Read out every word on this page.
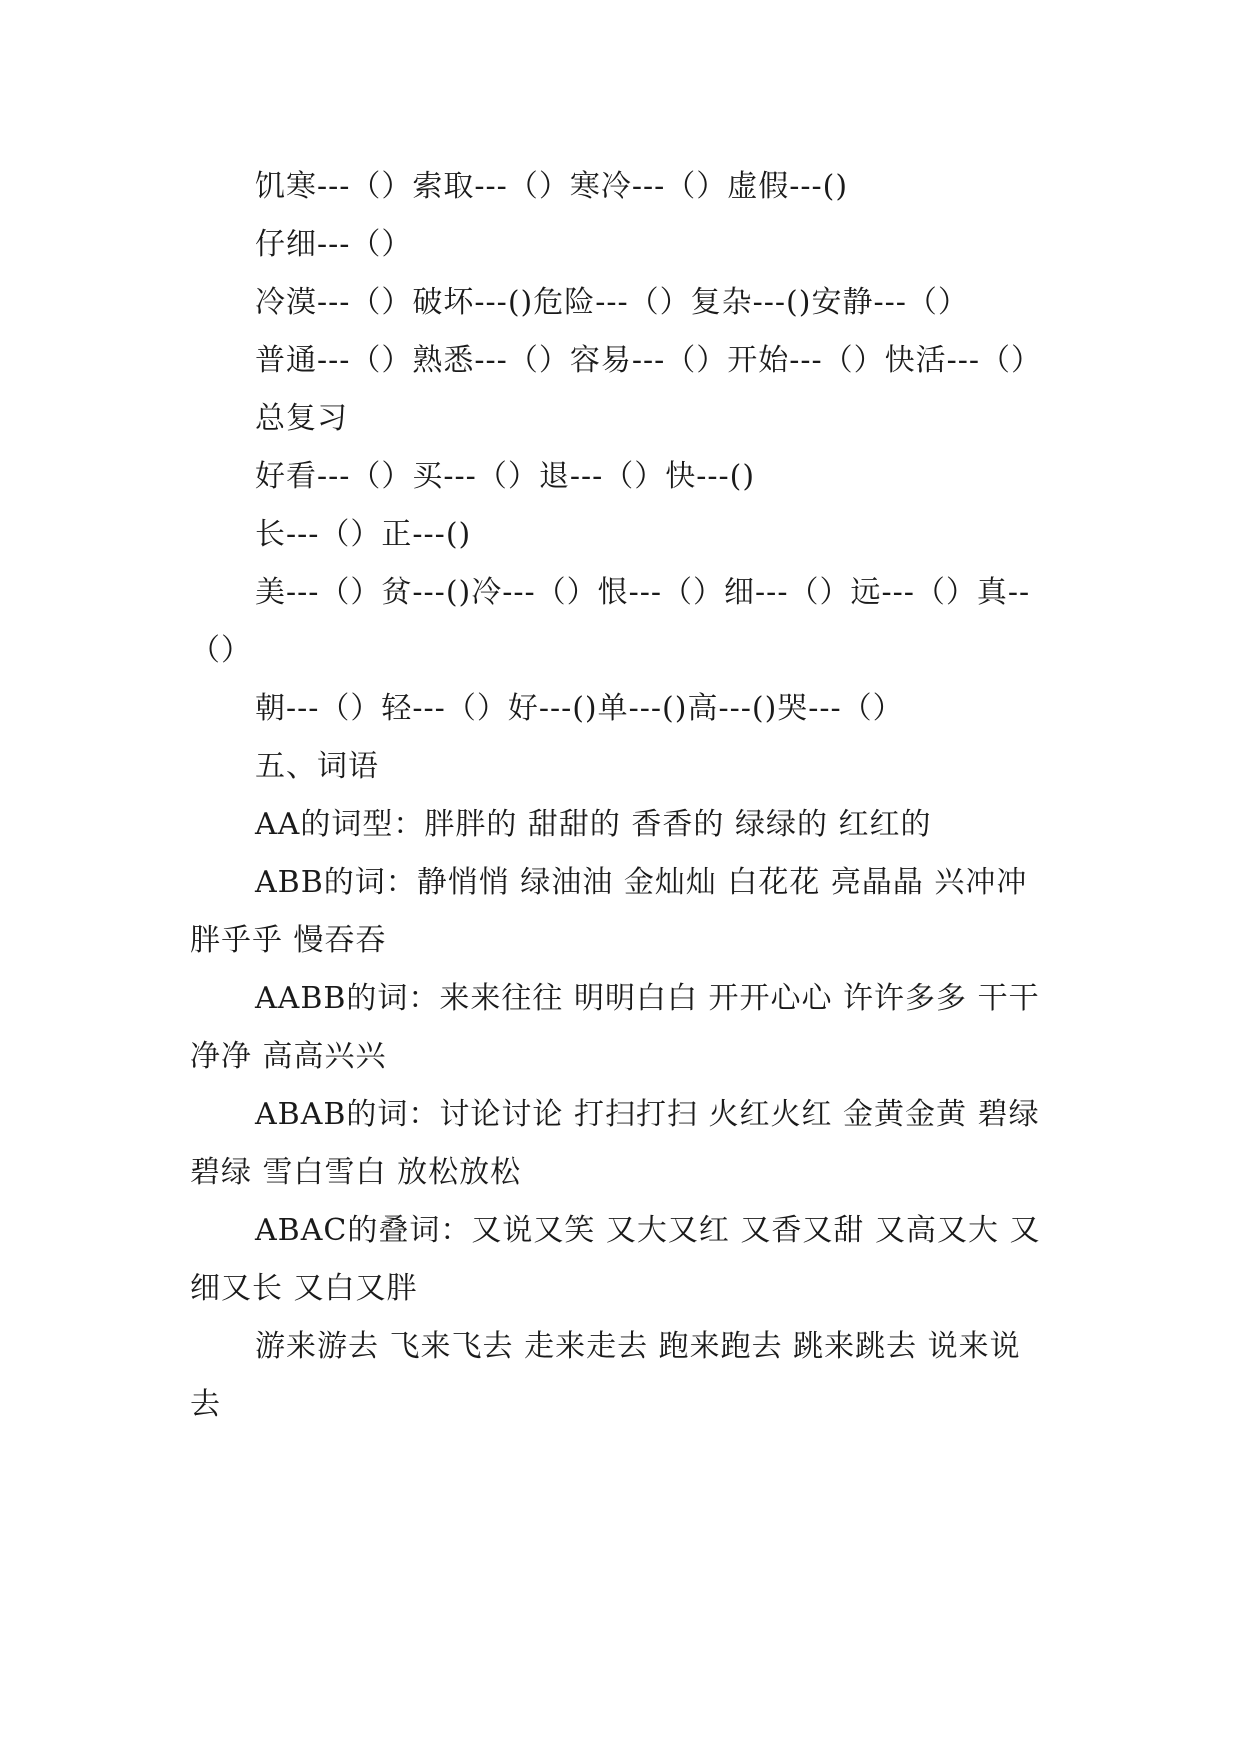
饥寒---（）索取---（）寒冷---（）虚假---()

仔细---（）

冷漠---（）破坏---()危险---（）复杂---()安静---（）

普通---（）熟悉---（）容易---（）开始---（）快活---（）

总复习

好看---（）买---（）退---（）快---()

长---（）正---()

美---（）贫---()冷---（）恨---（）细---（）远---（）真--（）

朝---（）轻---（）好---()单---()高---()哭---（）

五、词语

AA的词型：胖胖的 甜甜的 香香的 绿绿的 红红的

ABB的词：静悄悄 绿油油 金灿灿 白花花 亮晶晶 兴冲冲 胖乎乎 慢吞吞

AABB的词：来来往往 明明白白 开开心心 许许多多 干干净净 高高兴兴

ABAB的词：讨论讨论 打扫打扫 火红火红 金黄金黄 碧绿碧绿 雪白雪白 放松放松

ABAC的叠词：又说又笑 又大又红 又香又甜 又高又大 又细又长 又白又胖

游来游去 飞来飞去 走来走去 跑来跑去 跳来跳去 说来说去
